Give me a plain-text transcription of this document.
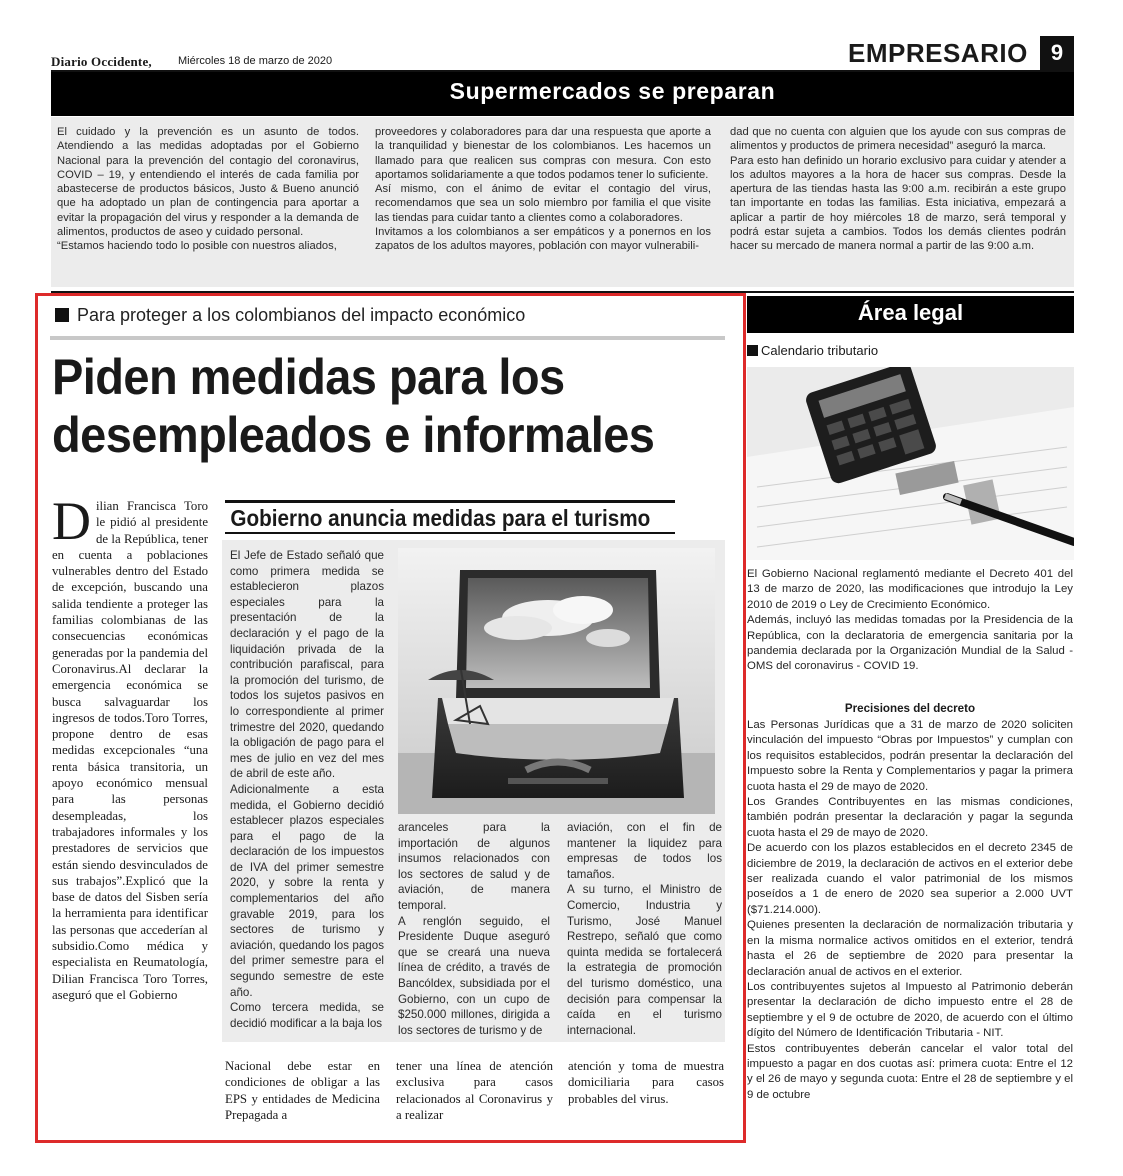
Diario Occidente, Miércoles 18 de marzo de 2020	EMPRESARIO	9
Supermercados se preparan

El cuidado y la prevención es un asunto de todos. Atendiendo a las medidas adoptadas por el Gobierno Nacional para la prevención del contagio del coronavirus, COVID – 19, y entendiendo el interés de cada familia por abastecerse de productos básicos, Justo & Bueno anunció que ha adoptado un plan de contingencia para aportar a evitar la propagación del virus y responder a la demanda de alimentos, productos de aseo y cuidado personal.

“Estamos haciendo todo lo posible con nuestros aliados,

proveedores y colaboradores para dar una respuesta que aporte a la tranquilidad y bienestar de los colombianos. Les hacemos un llamado para que realicen sus compras con mesura. Con esto aportamos solidariamente a que todos podamos tener lo suficiente.

Así mismo, con el ánimo de evitar el contagio del virus, recomendamos que sea un solo miembro por familia el que visite las tiendas para cuidar tanto a clientes como a colaboradores.

Invitamos a los colombianos a ser empáticos y a ponernos en los zapatos de los adultos mayores, población con mayor vulnerabili-

dad que no cuenta con alguien que los ayude con sus compras de alimentos y productos de primera necesidad” aseguró la marca.

Para esto han definido un horario exclusivo para cuidar y atender a los adultos mayores a la hora de hacer sus compras. Desde la apertura de las tiendas hasta las 9:00 a.m. recibirán a este grupo tan importante en todas las familias. Esta iniciativa, empezará a aplicar a partir de hoy miércoles 18 de marzo, será temporal y podrá estar sujeta a cambios. Todos los demás clientes podrán hacer su mercado de manera normal a partir de las 9:00 a.m.

Para proteger a los colombianos del impacto económico
Piden medidas para los
desempleados e informales
Dilian Francisca Toro le pidió al presidente de la República, tener en cuenta a poblaciones vulnerables dentro del Estado de excepción, buscando una salida tendiente a proteger las familias colombianas de las consecuencias económicas generadas por la pandemia del Coronavirus.Al declarar la emergencia económica se busca salvaguardar los ingresos de todos.Toro Torres, propone dentro de esas medidas excepcionales “una renta básica transitoria, un apoyo económico mensual para las personas desempleadas, los trabajadores informales y los prestadores de servicios que están siendo desvinculados de sus trabajos”.Explicó que la base de datos del Sisben sería la herramienta para identificar las personas que accederían al subsidio.Como médica y especialista en Reumatología, Dilian Francisca Toro Torres, aseguró que el Gobierno
Gobierno anuncia medidas para el turismo

El Jefe de Estado señaló que como primera medida se establecieron plazos especiales para la presentación de la declaración y el pago de la liquidación privada de la contribución parafiscal, para la promoción del turismo, de todos los sujetos pasivos en lo correspondiente al primer trimestre del 2020, quedando la obligación de pago para el mes de julio en vez del mes de abril de este año.

Adicionalmente a esta medida, el Gobierno decidió establecer plazos especiales para el pago de la declaración de los impuestos de IVA del primer semestre 2020, y sobre la renta y complementarios del año gravable 2019, para los sectores de turismo y aviación, quedando los pagos del primer semestre para el segundo semestre de este año.

Como tercera medida, se decidió modificar a la baja los

aranceles para la importación de algunos insumos relacionados con los sectores de salud y de aviación, de manera temporal.

A renglón seguido, el Presidente Duque aseguró que se creará una nueva línea de crédito, a través de Bancóldex, subsidiada por el Gobierno, con un cupo de $250.000 millones, dirigida a los sectores de turismo y de

aviación, con el fin de mantener la liquidez para empresas de todos los tamaños.

A su turno, el Ministro de Comercio, Industria y Turismo, José Manuel Restrepo, señaló que como quinta medida se fortalecerá la estrategia de promoción del turismo doméstico, una decisión para compensar la caída en el turismo internacional.

Nacional debe estar en condiciones de obligar a las EPS y entidades de Medicina Prepagada a
tener una línea de atención exclusiva para casos relacionados al Coronavirus y a realizar
atención y toma de muestra domiciliaria para casos probables del virus.
Área legal
Calendario tributario

El Gobierno Nacional reglamentó mediante el Decreto 401 del 13 de marzo de 2020, las modificaciones que introdujo la Ley 2010 de 2019 o Ley de Crecimiento Económico.

Además, incluyó las medidas tomadas por la Presidencia de la República, con la declaratoria de emergencia sanitaria por la pandemia declarada por la Organización Mundial de la Salud - OMS del coronavirus - COVID 19.

Precisiones del decreto

Las Personas Jurídicas que a 31 de marzo de 2020 soliciten vinculación del impuesto “Obras por Impuestos” y cumplan con los requisitos establecidos, podrán presentar la declaración del Impuesto sobre la Renta y Complementarios y pagar la primera cuota hasta el 29 de mayo de 2020.

Los Grandes Contribuyentes en las mismas condiciones, también podrán presentar la declaración y pagar la segunda cuota hasta el 29 de mayo de 2020.

De acuerdo con los plazos establecidos en el decreto 2345 de diciembre de 2019, la declaración de activos en el exterior debe ser realizada cuando el valor patrimonial de los mismos poseídos a 1 de enero de 2020 sea superior a 2.000 UVT ($71.214.000).

Quienes presenten la declaración de normalización tributaria y en la misma normalice activos omitidos en el exterior, tendrá hasta el 26 de septiembre de 2020 para presentar la declaración anual de activos en el exterior.

Los contribuyentes sujetos al Impuesto al Patrimonio deberán presentar la declaración de dicho impuesto entre el 28 de septiembre y el 9 de octubre de 2020, de acuerdo con el último dígito del Número de Identificación Tributaria - NIT.

Estos contribuyentes deberán cancelar el valor total del impuesto a pagar en dos cuotas así: primera cuota: Entre el 12 y el 26 de mayo y segunda cuota: Entre el 28 de septiembre y el 9 de octubre
